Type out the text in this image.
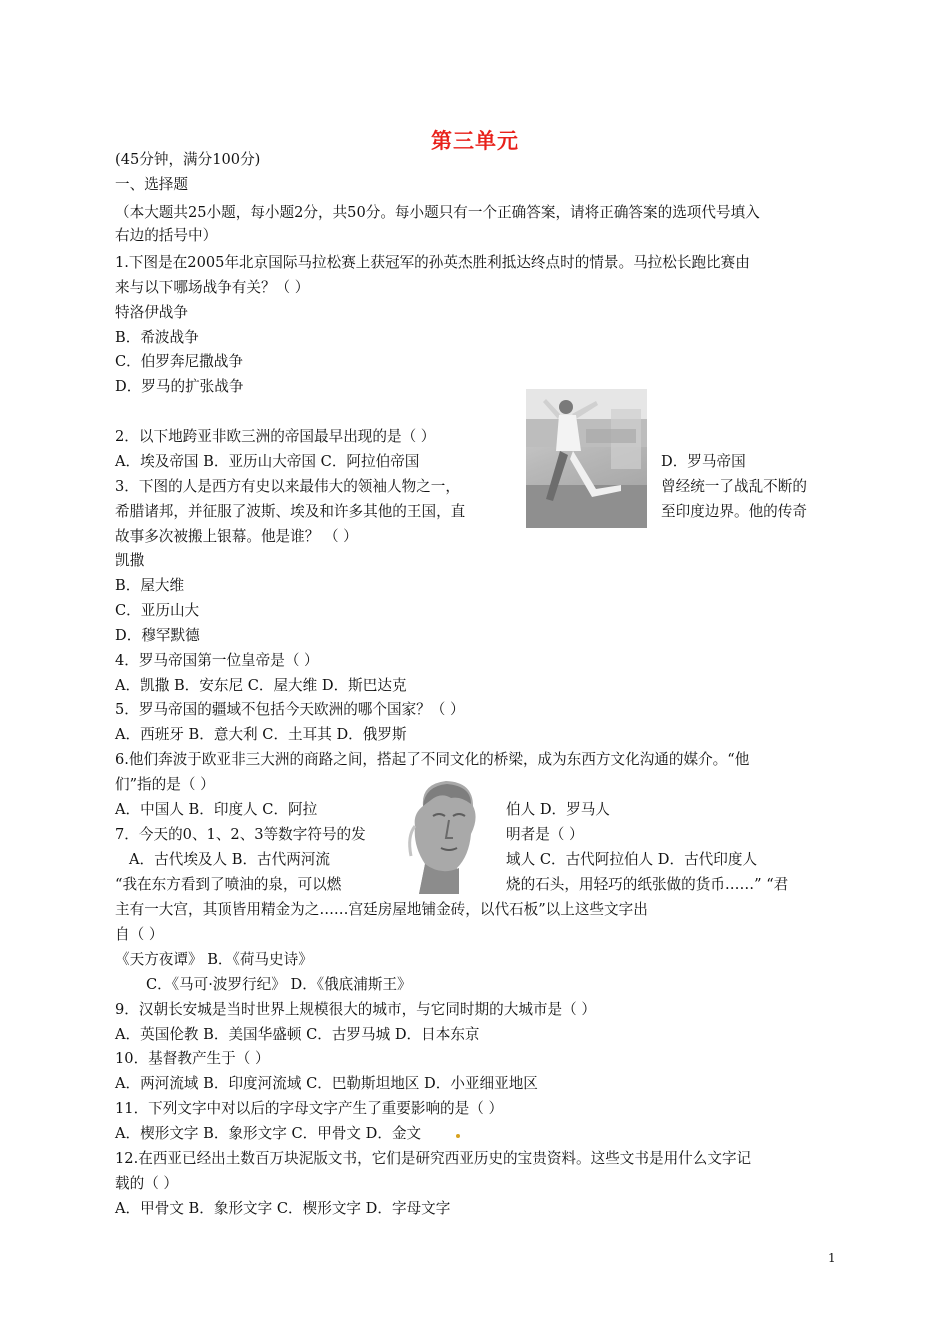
第三单元
(45分钟，满分100分)
一、选择题
（本大题共25小题，每小题2分，共50分。每小题只有一个正确答案，请将正确答案的选项代号填入
右边的括号中）
1.下图是在2005年北京国际马拉松赛上获冠军的孙英杰胜利抵达终点时的情景。马拉松长跑比赛由
来与以下哪场战争有关？（ ）
特洛伊战争
B．希波战争
C．伯罗奔尼撒战争
D．罗马的扩张战争
2．以下地跨亚非欧三洲的帝国最早出现的是（ ）
A．埃及帝国 B．亚历山大帝国 C．阿拉伯帝国	D．罗马帝国
3．下图的人是西方有史以来最伟大的领袖人物之一，	曾经统一了战乱不断的
希腊诸邦，并征服了波斯、埃及和许多其他的王国，直	至印度边界。他的传奇
故事多次被搬上银幕。他是谁？ （ ）
凯撒
B．屋大维
C．亚历山大
D．穆罕默德
4．罗马帝国第一位皇帝是（ ）
A．凯撒 B．安东尼 C．屋大维 D．斯巴达克
5．罗马帝国的疆域不包括今天欧洲的哪个国家？（ ）
A．西班牙 B．意大利 C．土耳其 D．俄罗斯
6.他们奔波于欧亚非三大洲的商路之间，搭起了不同文化的桥梁，成为东西方文化沟通的媒介。“他
们”指的是（ ）
A．中国人 B．印度人 C．阿拉	伯人 D．罗马人
7．今天的0、1、2、3等数字符号的发	明者是（ ）
A．古代埃及人 B．古代两河流	域人 C．古代阿拉伯人 D．古代印度人
“我在东方看到了喷油的泉，可以燃	烧的石头，用轻巧的纸张做的货币……” “君
主有一大宫，其顶皆用精金为之……宫廷房屋地铺金砖，以代石板”以上这些文字出
自（ ）
《天方夜谭》 B．《荷马史诗》
C．《马可·波罗行纪》 D．《俄底浦斯王》
9．汉朝长安城是当时世界上规模很大的城市，与它同时期的大城市是（ ）
A．英国伦教 B．美国华盛顿 C．古罗马城 D．日本东京
10．基督教产生于（ ）
A．两河流域 B．印度河流域 C．巴勒斯坦地区 D．小亚细亚地区
11．下列文字中对以后的字母文字产生了重要影响的是（ ）
A．楔形文字 B．象形文字 C．甲骨文 D．金文
12.在西亚已经出土数百万块泥版文书，它们是研究西亚历史的宝贵资料。这些文书是用什么文字记
载的（ ）
A．甲骨文 B．象形文字 C．楔形文字 D．字母文字
1
